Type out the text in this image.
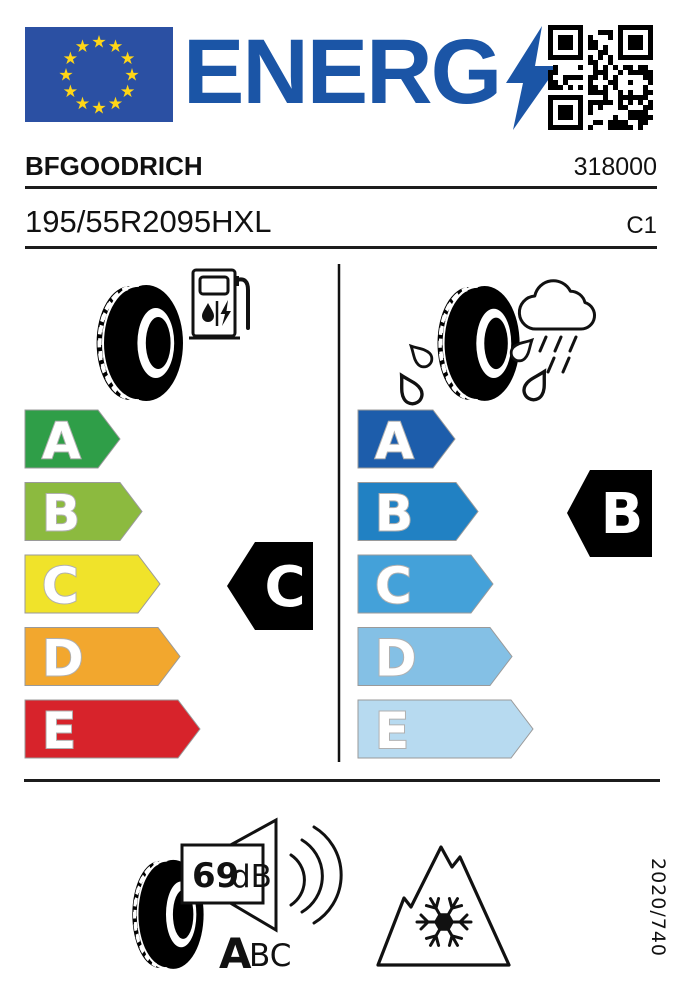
ENERG
BFGOODRICH	318000
195/55R2095HXL	C1
A
B
C
D
E
C
A
B
C
D
E
B
69
dB
A
BC	2020/740
